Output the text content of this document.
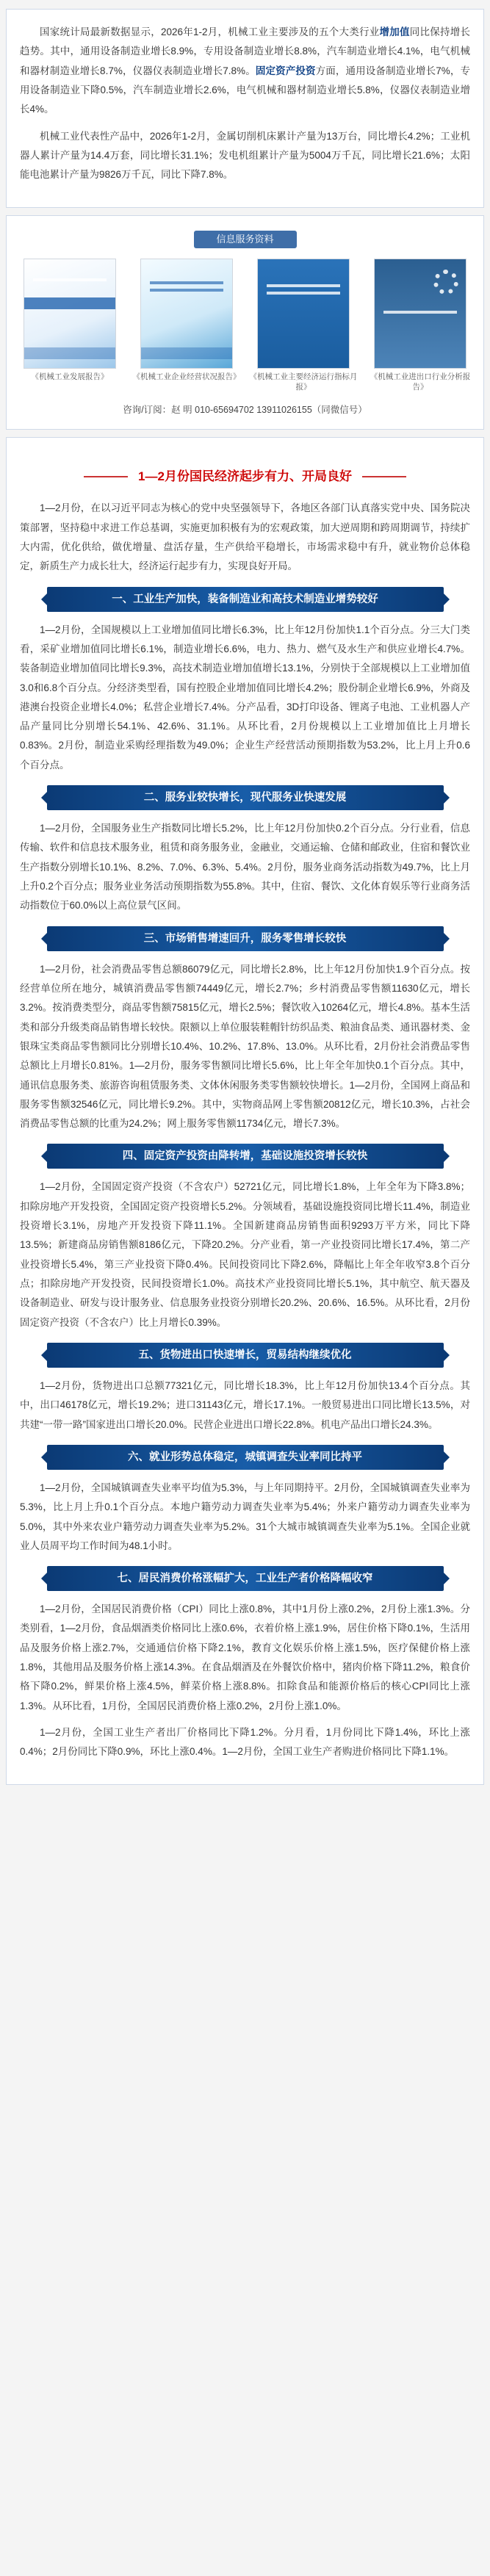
国家统计局最新数据显示，2026年1-2月，机械工业主要涉及的五个大类行业增加值同比保持增长趋势。其中，通用设备制造业增长8.9%，专用设备制造业增长8.8%，汽车制造业增长4.1%，电气机械和器材制造业增长8.7%，仪器仪表制造业增长7.8%。固定资产投资方面，通用设备制造业增长7%，专用设备制造业下降0.5%，汽车制造业增长2.6%，电气机械和器材制造业增长5.8%，仪器仪表制造业增长4%。

机械工业代表性产品中，2026年1-2月，金属切削机床累计产量为13万台，同比增长4.2%；工业机器人累计产量为14.4万套，同比增长31.1%；发电机组累计产量为5004万千瓦，同比增长21.6%；太阳能电池累计产量为9826万千瓦，同比下降7.8%。

信息服务资料
《机械工业发展报告》	《机械工业企业经营状况报告》 《机械工业主要经济运行指标月报》
《机械工业进出口行业分析报告》
咨询/订阅：赵 明 010-65694702 13911026155（同微信号）
1—2月份国民经济起步有力、开局良好

1—2月份，在以习近平同志为核心的党中央坚强领导下，各地区各部门认真落实党中央、国务院决策部署，坚持稳中求进工作总基调，实施更加积极有为的宏观政策，加大逆周期和跨周期调节，持续扩大内需，优化供给，做优增量、盘活存量，生产供给平稳增长，市场需求稳中有升，就业物价总体稳定，新质生产力成长壮大，经济运行起步有力，实现良好开局。

一、工业生产加快，装备制造业和高技术制造业增势较好

1—2月份，全国规模以上工业增加值同比增长6.3%，比上年12月份加快1.1个百分点。分三大门类看，采矿业增加值同比增长6.1%，制造业增长6.6%，电力、热力、燃气及水生产和供应业增长4.7%。装备制造业增加值同比增长9.3%，高技术制造业增加值增长13.1%，分别快于全部规模以上工业增加值3.0和6.8个百分点。分经济类型看，国有控股企业增加值同比增长4.2%；股份制企业增长6.9%，外商及港澳台投资企业增长4.0%；私营企业增长7.4%。分产品看，3D打印设备、锂离子电池、工业机器人产品产量同比分别增长54.1%、42.6%、31.1%。从环比看，2月份规模以上工业增加值比上月增长0.83%。2月份，制造业采购经理指数为49.0%；企业生产经营活动预期指数为53.2%，比上月上升0.6个百分点。

二、服务业较快增长，现代服务业快速发展

1—2月份，全国服务业生产指数同比增长5.2%，比上年12月份加快0.2个百分点。分行业看，信息传输、软件和信息技术服务业，租赁和商务服务业，金融业，交通运输、仓储和邮政业，住宿和餐饮业生产指数分别增长10.1%、8.2%、7.0%、6.3%、5.4%。2月份，服务业商务活动指数为49.7%，比上月上升0.2个百分点；服务业业务活动预期指数为55.8%。其中，住宿、餐饮、文化体育娱乐等行业商务活动指数位于60.0%以上高位景气区间。

三、市场销售增速回升，服务零售增长较快

1—2月份，社会消费品零售总额86079亿元，同比增长2.8%，比上年12月份加快1.9个百分点。按经营单位所在地分，城镇消费品零售额74449亿元，增长2.7%；乡村消费品零售额11630亿元，增长3.2%。按消费类型分，商品零售额75815亿元，增长2.5%；餐饮收入10264亿元，增长4.8%。基本生活类和部分升级类商品销售增长较快。限额以上单位服装鞋帽针纺织品类、粮油食品类、通讯器材类、金银珠宝类商品零售额同比分别增长10.4%、10.2%、17.8%、13.0%。从环比看，2月份社会消费品零售总额比上月增长0.81%。1—2月份，服务零售额同比增长5.6%，比上年全年加快0.1个百分点。其中，通讯信息服务类、旅游咨询租赁服务类、文体休闲服务类零售额较快增长。1—2月份，全国网上商品和服务零售额32546亿元，同比增长9.2%。其中，实物商品网上零售额20812亿元，增长10.3%，占社会消费品零售总额的比重为24.2%；网上服务零售额11734亿元，增长7.3%。

四、固定资产投资由降转增，基础设施投资增长较快

1—2月份，全国固定资产投资（不含农户）52721亿元，同比增长1.8%，上年全年为下降3.8%；扣除房地产开发投资，全国固定资产投资增长5.2%。分领域看，基础设施投资同比增长11.4%，制造业投资增长3.1%，房地产开发投资下降11.1%。全国新建商品房销售面积9293万平方米，同比下降13.5%；新建商品房销售额8186亿元，下降20.2%。分产业看，第一产业投资同比增长17.4%，第二产业投资增长5.4%，第三产业投资下降0.4%。民间投资同比下降2.6%，降幅比上年全年收窄3.8个百分点；扣除房地产开发投资，民间投资增长1.0%。高技术产业投资同比增长5.1%，其中航空、航天器及设备制造业、研发与设计服务业、信息服务业投资分别增长20.2%、20.6%、16.5%。从环比看，2月份固定资产投资（不含农户）比上月增长0.39%。

五、货物进出口快速增长，贸易结构继续优化

1—2月份，货物进出口总额77321亿元，同比增长18.3%，比上年12月份加快13.4个百分点。其中，出口46178亿元，增长19.2%；进口31143亿元，增长17.1%。一般贸易进出口同比增长13.5%，对共建“一带一路”国家进出口增长20.0%。民营企业进出口增长22.8%。机电产品出口增长24.3%。

六、就业形势总体稳定，城镇调查失业率同比持平

1—2月份，全国城镇调查失业率平均值为5.3%，与上年同期持平。2月份，全国城镇调查失业率为5.3%，比上月上升0.1个百分点。本地户籍劳动力调查失业率为5.4%；外来户籍劳动力调查失业率为5.0%，其中外来农业户籍劳动力调查失业率为5.2%。31个大城市城镇调查失业率为5.1%。全国企业就业人员周平均工作时间为48.1小时。

七、居民消费价格涨幅扩大，工业生产者价格降幅收窄

1—2月份，全国居民消费价格（CPI）同比上涨0.8%，其中1月份上涨0.2%，2月份上涨1.3%。分类别看，1—2月份，食品烟酒类价格同比上涨0.6%，衣着价格上涨1.9%，居住价格下降0.1%，生活用品及服务价格上涨2.7%，交通通信价格下降2.1%，教育文化娱乐价格上涨1.5%，医疗保健价格上涨1.8%，其他用品及服务价格上涨14.3%。在食品烟酒及在外餐饮价格中，猪肉价格下降11.2%，粮食价格下降0.2%，鲜果价格上涨4.5%，鲜菜价格上涨8.8%。扣除食品和能源价格后的核心CPI同比上涨1.3%。从环比看，1月份，全国居民消费价格上涨0.2%，2月份上涨1.0%。

1—2月份，全国工业生产者出厂价格同比下降1.2%。分月看，1月份同比下降1.4%，环比上涨0.4%；2月份同比下降0.9%，环比上涨0.4%。1—2月份，全国工业生产者购进价格同比下降1.1%。
